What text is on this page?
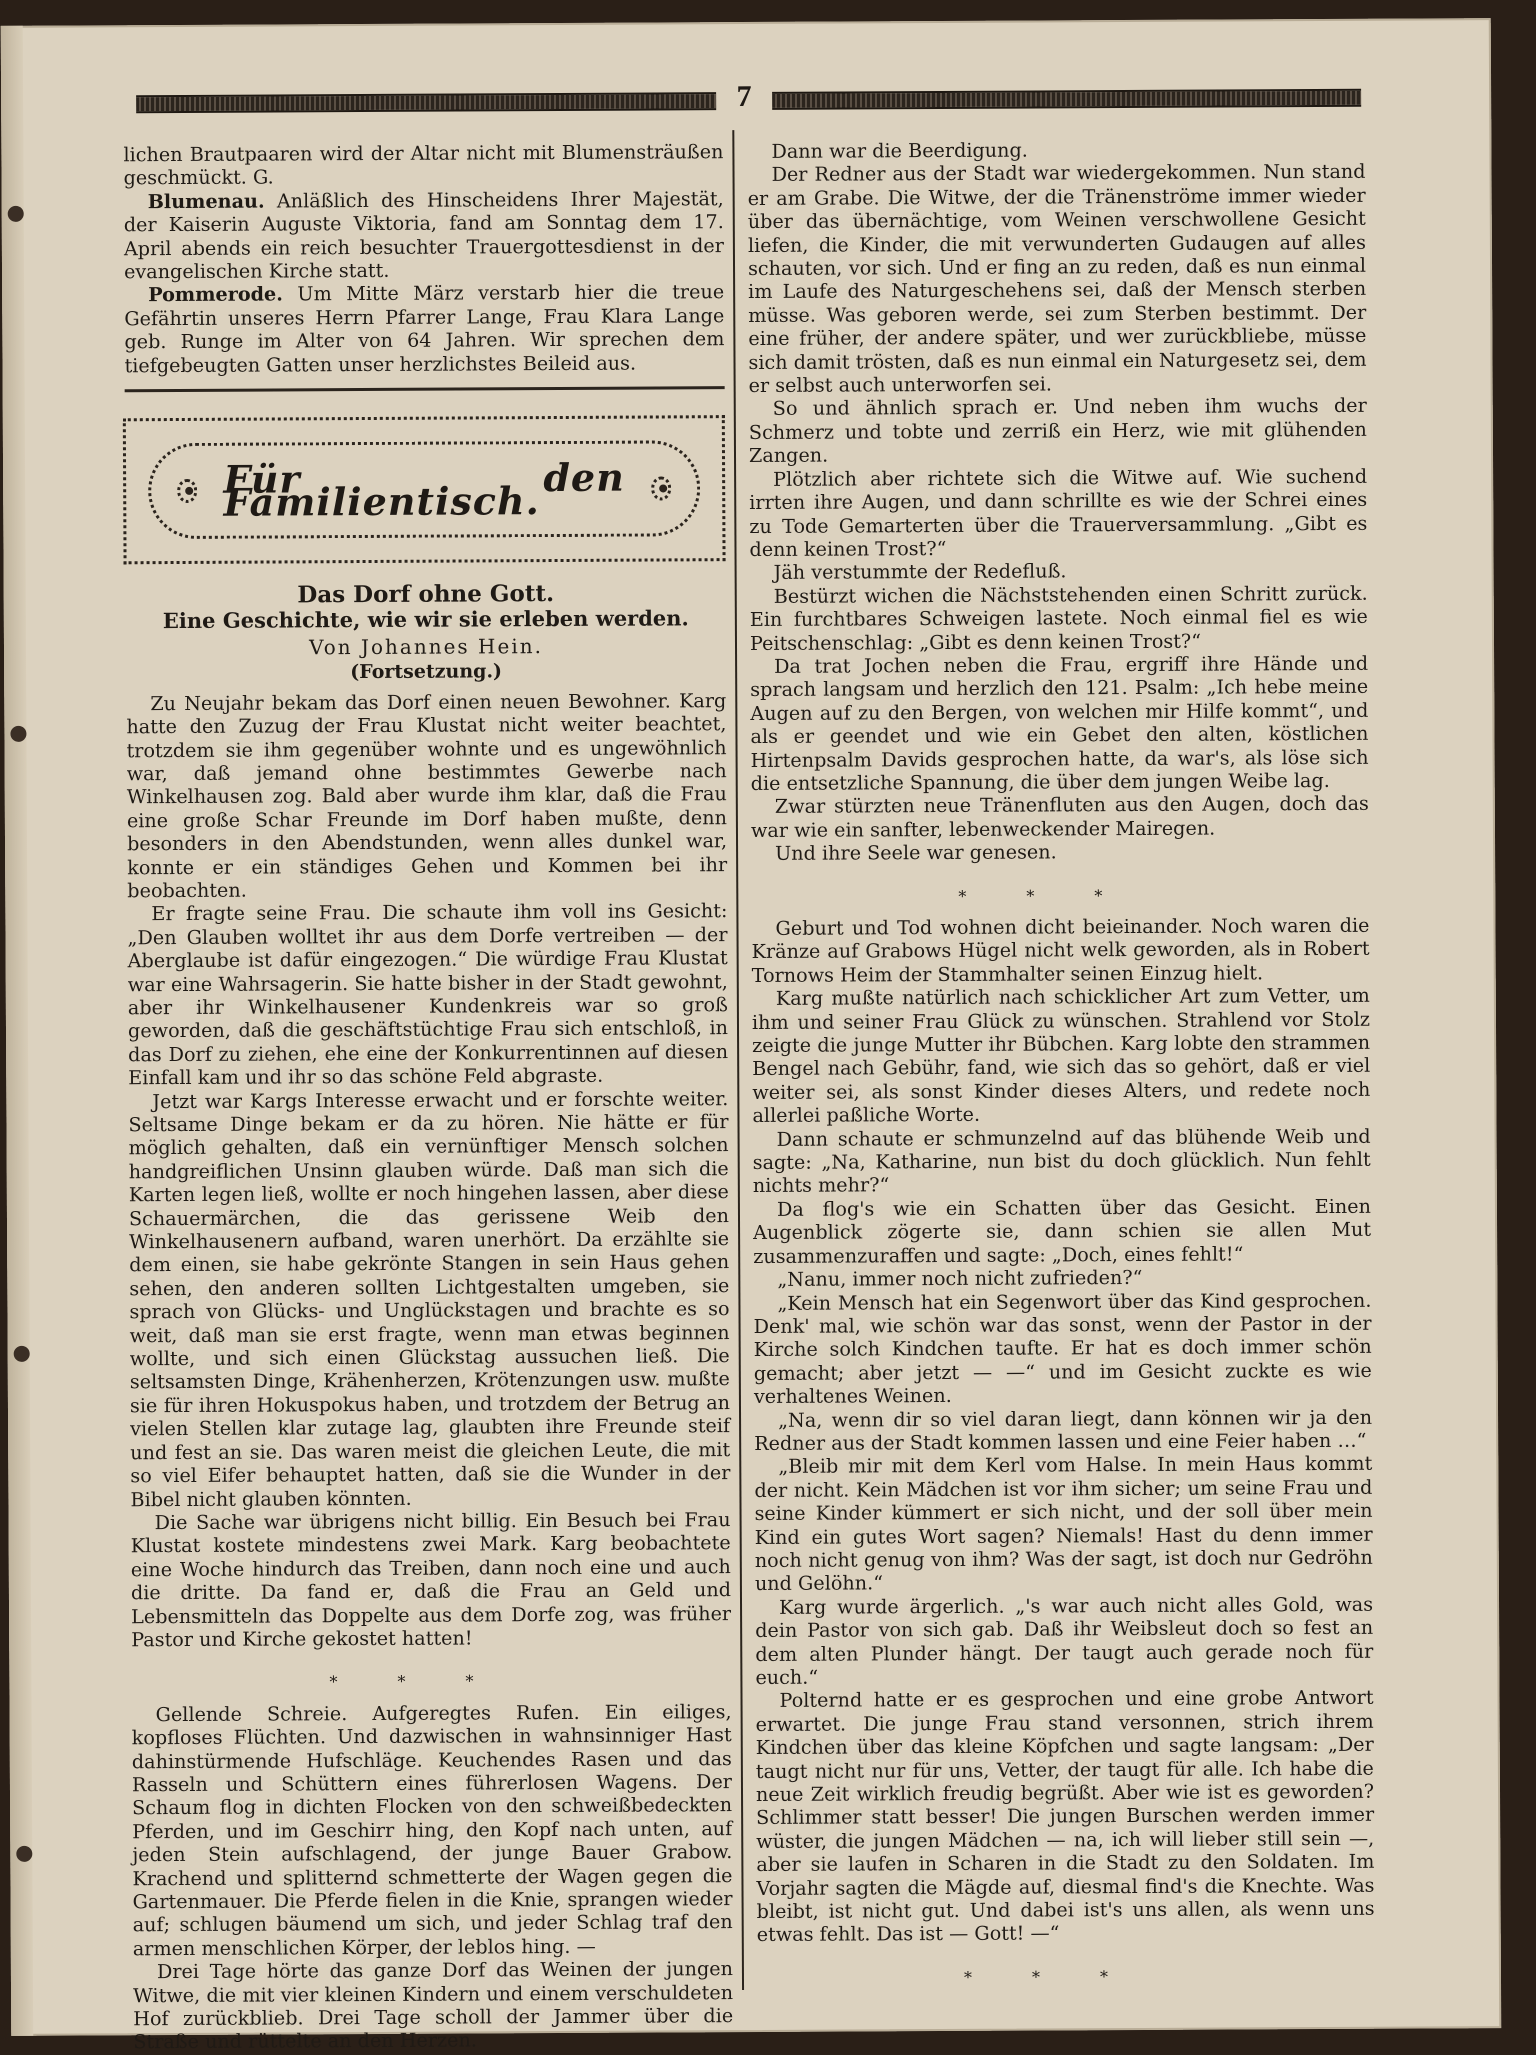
7

lichen Brautpaaren wird der Altar nicht mit Blumensträußen geschmückt. G.

Blumenau. Anläßlich des Hinscheidens Ihrer Majestät, der Kaiserin Auguste Viktoria, fand am Sonntag dem 17. April abends ein reich besuchter Trauergottesdienst in der evangelischen Kirche statt.

Pommerode. Um Mitte März verstarb hier die treue Gefährtin unseres Herrn Pfarrer Lange, Frau Klara Lange geb. Runge im Alter von 64 Jahren. Wir sprechen dem tiefgebeugten Gatten unser herzlichstes Beileid aus.

Für den Familientisch.
Das Dorf ohne Gott.
Eine Geschichte, wie wir sie erleben werden.
Von Johannes Hein.
(Fortsetzung.)

Zu Neujahr bekam das Dorf einen neuen Bewohner. Karg hatte den Zuzug der Frau Klustat nicht weiter beachtet, trotzdem sie ihm gegenüber wohnte und es ungewöhnlich war, daß jemand ohne bestimmtes Gewerbe nach Winkelhausen zog. Bald aber wurde ihm klar, daß die Frau eine große Schar Freunde im Dorf haben mußte, denn besonders in den Abendstunden, wenn alles dunkel war, konnte er ein ständiges Gehen und Kommen bei ihr beobachten.

Er fragte seine Frau. Die schaute ihm voll ins Gesicht: „Den Glauben wolltet ihr aus dem Dorfe vertreiben — der Aberglaube ist dafür eingezogen.“ Die würdige Frau Klustat war eine Wahrsagerin. Sie hatte bisher in der Stadt gewohnt, aber ihr Winkelhausener Kundenkreis war so groß geworden, daß die geschäftstüchtige Frau sich entschloß, in das Dorf zu ziehen, ehe eine der Konkurrentinnen auf diesen Einfall kam und ihr so das schöne Feld abgraste.

Jetzt war Kargs Interesse erwacht und er forschte weiter. Seltsame Dinge bekam er da zu hören. Nie hätte er für möglich gehalten, daß ein vernünftiger Mensch solchen handgreiflichen Unsinn glauben würde. Daß man sich die Karten legen ließ, wollte er noch hingehen lassen, aber diese Schauermärchen, die das gerissene Weib den Winkelhausenern aufband, waren unerhört. Da erzählte sie dem einen, sie habe gekrönte Stangen in sein Haus gehen sehen, den anderen sollten Lichtgestalten umgeben, sie sprach von Glücks- und Unglückstagen und brachte es so weit, daß man sie erst fragte, wenn man etwas beginnen wollte, und sich einen Glückstag aussuchen ließ. Die seltsamsten Dinge, Krähenherzen, Krötenzungen usw. mußte sie für ihren Hokuspokus haben, und trotzdem der Betrug an vielen Stellen klar zutage lag, glaubten ihre Freunde steif und fest an sie. Das waren meist die gleichen Leute, die mit so viel Eifer behauptet hatten, daß sie die Wunder in der Bibel nicht glauben könnten.

Die Sache war übrigens nicht billig. Ein Besuch bei Frau Klustat kostete mindestens zwei Mark. Karg beobachtete eine Woche hindurch das Treiben, dann noch eine und auch die dritte. Da fand er, daß die Frau an Geld und Lebensmitteln das Doppelte aus dem Dorfe zog, was früher Pastor und Kirche gekostet hatten!

***

Gellende Schreie. Aufgeregtes Rufen. Ein eiliges, kopfloses Flüchten. Und dazwischen in wahnsinniger Hast dahinstürmende Hufschläge. Keuchendes Rasen und das Rasseln und Schüttern eines führerlosen Wagens. Der Schaum flog in dichten Flocken von den schweißbedeckten Pferden, und im Geschirr hing, den Kopf nach unten, auf jeden Stein aufschlagend, der junge Bauer Grabow. Krachend und splitternd schmetterte der Wagen gegen die Gartenmauer. Die Pferde fielen in die Knie, sprangen wieder auf; schlugen bäumend um sich, und jeder Schlag traf den armen menschlichen Körper, der leblos hing. —

Drei Tage hörte das ganze Dorf das Weinen der jungen Witwe, die mit vier kleinen Kindern und einem verschuldeten Hof zurückblieb. Drei Tage scholl der Jammer über die Straße und rüttelte an den Herzen.

Dann war die Beerdigung.

Der Redner aus der Stadt war wiedergekommen. Nun stand er am Grabe. Die Witwe, der die Tränenströme immer wieder über das übernächtige, vom Weinen verschwollene Gesicht liefen, die Kinder, die mit verwunderten Gudaugen auf alles schauten, vor sich. Und er fing an zu reden, daß es nun einmal im Laufe des Naturgeschehens sei, daß der Mensch sterben müsse. Was geboren werde, sei zum Sterben bestimmt. Der eine früher, der andere später, und wer zurückbliebe, müsse sich damit trösten, daß es nun einmal ein Naturgesetz sei, dem er selbst auch unterworfen sei.

So und ähnlich sprach er. Und neben ihm wuchs der Schmerz und tobte und zerriß ein Herz, wie mit glühenden Zangen.

Plötzlich aber richtete sich die Witwe auf. Wie suchend irrten ihre Augen, und dann schrillte es wie der Schrei eines zu Tode Gemarterten über die Trauerversammlung. „Gibt es denn keinen Trost?“

Jäh verstummte der Redefluß.

Bestürzt wichen die Nächststehenden einen Schritt zurück. Ein furchtbares Schweigen lastete. Noch einmal fiel es wie Peitschenschlag: „Gibt es denn keinen Trost?“

Da trat Jochen neben die Frau, ergriff ihre Hände und sprach langsam und herzlich den 121. Psalm: „Ich hebe meine Augen auf zu den Bergen, von welchen mir Hilfe kommt“, und als er geendet und wie ein Gebet den alten, köstlichen Hirtenpsalm Davids gesprochen hatte, da war's, als löse sich die entsetzliche Spannung, die über dem jungen Weibe lag.

Zwar stürzten neue Tränenfluten aus den Augen, doch das war wie ein sanfter, lebenweckender Mairegen.

Und ihre Seele war genesen.

***

Geburt und Tod wohnen dicht beieinander. Noch waren die Kränze auf Grabows Hügel nicht welk geworden, als in Robert Tornows Heim der Stammhalter seinen Einzug hielt.

Karg mußte natürlich nach schicklicher Art zum Vetter, um ihm und seiner Frau Glück zu wünschen. Strahlend vor Stolz zeigte die junge Mutter ihr Bübchen. Karg lobte den strammen Bengel nach Gebühr, fand, wie sich das so gehört, daß er viel weiter sei, als sonst Kinder dieses Alters, und redete noch allerlei paßliche Worte.

Dann schaute er schmunzelnd auf das blühende Weib und sagte: „Na, Katharine, nun bist du doch glücklich. Nun fehlt nichts mehr?“

Da flog's wie ein Schatten über das Gesicht. Einen Augenblick zögerte sie, dann schien sie allen Mut zusammenzuraffen und sagte: „Doch, eines fehlt!“

„Nanu, immer noch nicht zufrieden?“

„Kein Mensch hat ein Segenwort über das Kind gesprochen. Denk' mal, wie schön war das sonst, wenn der Pastor in der Kirche solch Kindchen taufte. Er hat es doch immer schön gemacht; aber jetzt — —“ und im Gesicht zuckte es wie verhaltenes Weinen.

„Na, wenn dir so viel daran liegt, dann können wir ja den Redner aus der Stadt kommen lassen und eine Feier haben …“

„Bleib mir mit dem Kerl vom Halse. In mein Haus kommt der nicht. Kein Mädchen ist vor ihm sicher; um seine Frau und seine Kinder kümmert er sich nicht, und der soll über mein Kind ein gutes Wort sagen? Niemals! Hast du denn immer noch nicht genug von ihm? Was der sagt, ist doch nur Gedröhn und Gelöhn.“

Karg wurde ärgerlich. „'s war auch nicht alles Gold, was dein Pastor von sich gab. Daß ihr Weibsleut doch so fest an dem alten Plunder hängt. Der taugt auch gerade noch für euch.“

Polternd hatte er es gesprochen und eine grobe Antwort erwartet. Die junge Frau stand versonnen, strich ihrem Kindchen über das kleine Köpfchen und sagte langsam: „Der taugt nicht nur für uns, Vetter, der taugt für alle. Ich habe die neue Zeit wirklich freudig begrüßt. Aber wie ist es geworden? Schlimmer statt besser! Die jungen Burschen werden immer wüster, die jungen Mädchen — na, ich will lieber still sein —, aber sie laufen in Scharen in die Stadt zu den Soldaten. Im Vorjahr sagten die Mägde auf, diesmal find's die Knechte. Was bleibt, ist nicht gut. Und dabei ist's uns allen, als wenn uns etwas fehlt. Das ist — Gott! —“

***
